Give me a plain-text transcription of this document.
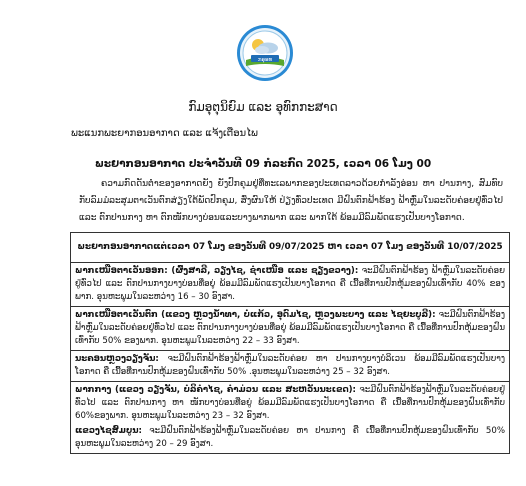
ກອຸອທ
ກົມອຸຕຸນິຍົມ ແລະ ອຸທົກກະສາດ
ພະແນກພະຍາກອນອາກາດ ແລະ ແຈ້ງເຕືອນໄພ
ພະຍາກອນອາກາດ ປະຈຳວັນທີ 09 ກໍລະກົດ 2025, ເວລາ 06 ໂມງ 00

ຄວາມກົດດັນຕ່ຳຂອງອາກາດຍັງ ຍັງປົກຄຸມຢູ່ທີ່ທະເລພາກຂອງປະເທດລາວດ້ວຍກຳລັງອ່ອນ ຫາ ປານກາງ, ສົມທົບກັບລົມມໍລະສຸມຕາເວັນຕົກສ່ຽງໃຕ້ພັດປົກຄຸມ, ສົ່ງຜົນໃຫ້ ປ່ຽງທົ່ວປະເທດ ມີຝົນຕົກຟ້າຮ້ອງ ຟ້າຫຼົ່ມໃນລະດັບຄ່ອຍຢູ່ທົ່ວໄປ ແລະ ຕົກປານກາງ ຫາ ຕົກໜັກບາງບ່ອນແລະບາງພາກພາກ ແລະ ພາກໃຕ້ ພ້ອມມີລົມພັດແຮງເປັນບາງໂອກາດ.

ພະຍາກອນອາກາດແຕ່ເວລາ 07 ໂມງ ຂອງວັນທີ 09/07/2025 ຫາ ເວລາ 07 ໂມງ ຂອງວັນທີ 10/07/2025
ພາກເໜືອຕາເວັນອອກ: (ຜົ້ງສາລີ, ວຽງໄຊ, ຊໍາເໜືອ ແລະ ຊຽງຂວາງ): ຈະມີຝົນຕົກຟ້າຮ້ອງ ຟ້າຫຼົ່ມໃນລະດັບຄ່ອຍຢູ່ທົ່ວໄປ ແລະ ຕົກປານກາງບາງບ່ອນທີ່ອຍູ່ ພ້ອມມີລົມພັດແຮງເປັນບາງໂອກາດ ຄື ເນື້ອທີ່ການປົກຫຸ້ມຂອງຝົນເທົ່າກັບ 40% ຂອງພາກ. ອຸນຫະພູມໃນລະຫວ່າງ 16 – 30 ອົງສາ.
ພາກເໜືອຕາເວັນຕົກ (ແຂວງ ຫຼວງນ້ຳທາ, ບໍ່ແກ້ວ, ອຸດົມໄຊ, ຫຼວງພະບາງ ແລະ ໄຊຍະບູລີ): ຈະມີຝົນຕົກຟ້າຮ້ອງ ຟ້າຫຼົ່ມໃນລະດັບຄ່ອຍຢູ່ທົ່ວໄປ ແລະ ຕົກປານກາງບາງບ່ອນທີ່ອຍູ່ ພ້ອມມີລົມພັດແຮງເປັນບາງໂອກາດ ຄື ເນື້ອທີ່ການປົກຫຸ້ມຂອງຝົນເທົ່າກັບ 50% ຂອງພາກ. ອຸນຫະພູມໃນລະຫວ່າງ 22 – 33 ອົງສາ.
ນະຄອນຫຼວງວຽງຈັນ: ຈະມີຝົນຕົກຟ້າຮ້ອງຟ້າຫຼົ່ມໃນລະດັບຄ່ອຍ ຫາ ປານກາງບາງບໍລິເວນ ພ້ອມມີລົມພັດແຮງເປັນບາງໂອກາດ ຄື ເນື້ອທີ່ການປົກຫຸ້ມຂອງຝົນເທົ່າກັບ 50% .ອຸນຫະພູມໃນລະຫວ່າງ 25 – 32 ອົງສາ.
ພາກກາງ (ແຂວງ ວຽງຈັນ, ບໍລິຄຳໄຊ, ຄຳມ່ວນ ແລະ ສະຫວັນນະເຂດ): ຈະມີຝົນຕົກຟ້າຮ້ອງຟ້າຫຼົ່ມໃນລະດັບຄ່ອຍຢູ່ທົ່ວໄປ ແລະ ຕົກປານກາງ ຫາ ໜັກບາງບ່ອນທີ່ອຍູ່ ພ້ອມມີລົມພັດແຮງເປັນບາງໂອກາດ ຄື ເນື້ອທີ່ການປົກຫຸ້ມຂອງຝົນເທົ່າກັບ 60%ຂອງພາກ. ອຸນຫະພູມໃນລະຫວ່າງ 23 – 32 ອົງສາ.
ແຂວງໄຊສົມບູນ: ຈະມີຝົນຕົກຟ້າຮ້ອງຟ້າຫຼົ່ມໃນລະດັບຄ່ອຍ ຫາ ປານກາງ ຄື ເນື້ອທີ່ການປົກຫຸ້ມຂອງຝົນເທົ່າກັບ 50% ອຸນຫະພູມໃນລະຫວ່າງ 20 – 29 ອົງສາ.
